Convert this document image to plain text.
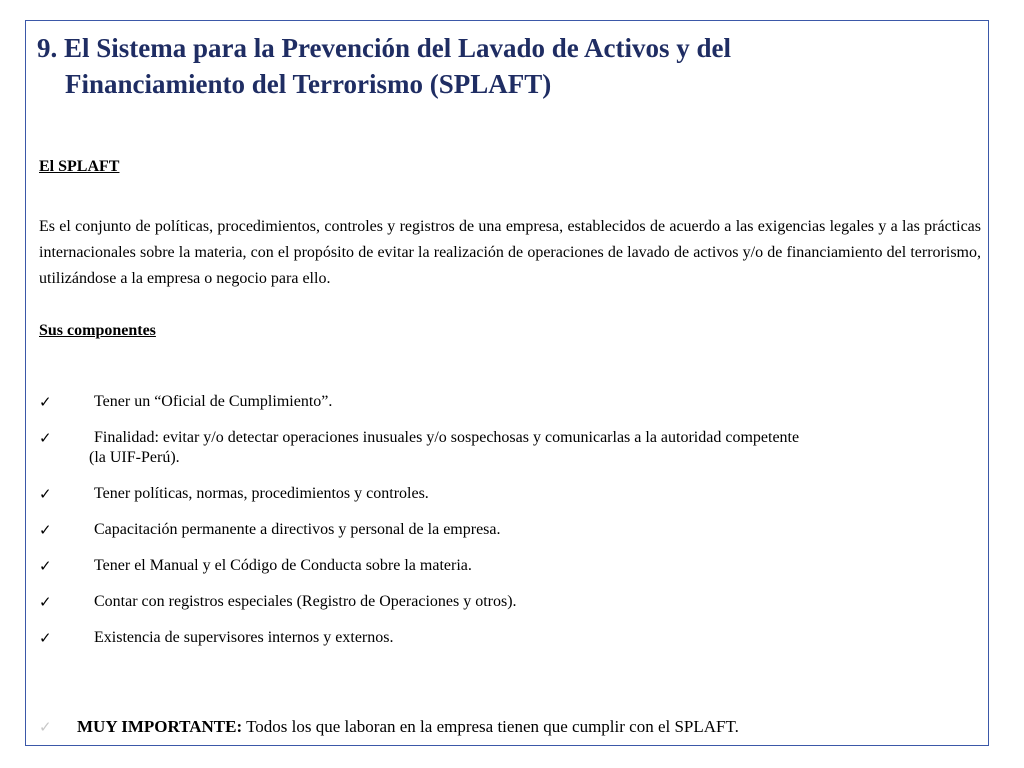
9. El Sistema para la Prevención del Lavado de Activos y del
Financiamiento del Terrorismo (SPLAFT)
El SPLAFT
Es el conjunto de políticas, procedimientos, controles y registros de una empresa, establecidos de acuerdo a las exigencias legales y a las prácticas internacionales sobre la materia, con el propósito de evitar la realización de operaciones de lavado de activos y/o de financiamiento del terrorismo, utilizándose a la empresa o negocio para ello.
Sus componentes
✓	Tener un “Oficial de Cumplimiento”.
✓	Finalidad: evitar y/o detectar operaciones inusuales y/o sospechosas y comunicarlas a la autoridad competente
(la UIF-Perú).
✓	Tener políticas, normas, procedimientos y controles.
✓	Capacitación permanente a directivos y personal de la empresa.
✓	Tener el Manual y el Código de Conducta sobre la materia.
✓	Contar con registros especiales (Registro de Operaciones y otros).
✓	Existencia de supervisores internos y externos.
✓ MUY IMPORTANTE: Todos los que laboran en la empresa tienen que cumplir con el SPLAFT.
